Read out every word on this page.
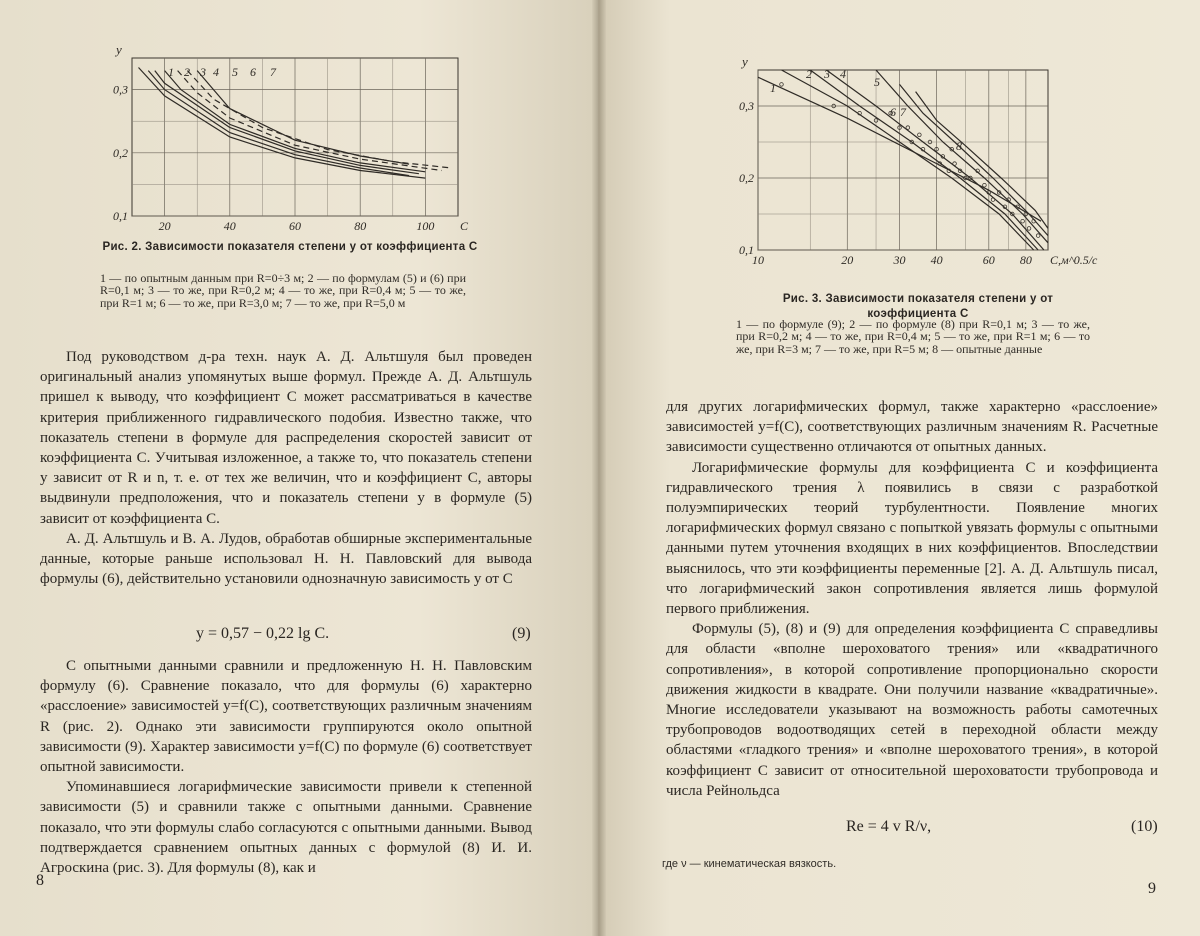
20	40	60	80	100
0,1
0,2
0,3
y
C
1 2 3 4 5 6 7
Рис. 2. Зависимости показателя степени y от коэффициента C
1 — по опытным данным при R=0÷3 м; 2 — по формулам (5) и (6) при R=0,1 м; 3 — то же, при R=0,2 м; 4 — то же, при R=0,4 м; 5 — то же, при R=1 м; 6 — то же, при R=3,0 м; 7 — то же, при R=5,0 м

Под руководством д-ра техн. наук А. Д. Альтшуля был проведен оригинальный анализ упомянутых выше формул. Прежде А. Д. Альтшуль пришел к выводу, что коэффициент C может рассматриваться в качестве критерия приближенного гидравлического подобия. Известно также, что показатель степени в формуле для распределения скоростей зависит от коэффициента C. Учитывая изложенное, а также то, что показатель степени y зависит от R и n, т. е. от тех же величин, что и коэффициент C, авторы выдвинули предположения, что и показатель степени y в формуле (5) зависит от коэффициента C.

А. Д. Альтшуль и В. А. Лудов, обработав обширные экспериментальные данные, которые раньше использовал Н. Н. Павловский для вывода формулы (6), действительно установили однозначную зависимость y от C

y = 0,57 − 0,22 lg C.	(9)

С опытными данными сравнили и предложенную Н. Н. Павловским формулу (6). Сравнение показало, что для формулы (6) характерно «расслоение» зависимостей y=f(C), соответствующих различным значениям R (рис. 2). Однако эти зависимости группируются около опытной зависимости (9). Характер зависимости y=f(C) по формуле (6) соответствует опытной зависимости.

Упоминавшиеся логарифмические зависимости привели к степенной зависимости (5) и сравнили также с опытными данными. Сравнение показало, что эти формулы слабо согласуются с опытными данными. Вывод подтверждается сравнением опытных данных с формулой (8) И. И. Агроскина (рис. 3). Для формулы (8), как и

8
10	20	30 40	60 80
0,1
0,2
0,3
y
C,м^0.5/с
1
2 3 4
5
6 7
8
Рис. 3. Зависимости показателя степени y от коэффициента C
1 — по формуле (9); 2 — по формуле (8) при R=0,1 м; 3 — то же, при R=0,2 м; 4 — то же, при R=0,4 м; 5 — то же, при R=1 м; 6 — то же, при R=3 м; 7 — то же, при R=5 м; 8 — опытные данные

для других логарифмических формул, также характерно «расслоение» зависимостей y=f(C), соответствующих различным значениям R. Расчетные зависимости существенно отличаются от опытных данных.

Логарифмические формулы для коэффициента C и коэффициента гидравлического трения λ появились в связи с разработкой полуэмпирических теорий турбулентности. Появление многих логарифмических формул связано с попыткой увязать формулы с опытными данными путем уточнения входящих в них коэффициентов. Впоследствии выяснилось, что эти коэффициенты переменные [2]. А. Д. Альтшуль писал, что логарифмический закон сопротивления является лишь формулой первого приближения.

Формулы (5), (8) и (9) для определения коэффициента C справедливы для области «вполне шероховатого трения» или «квадратичного сопротивления», в которой сопротивление пропорционально скорости движения жидкости в квадрате. Они получили название «квадратичные». Многие исследователи указывают на возможность работы самотечных трубопроводов водоотводящих сетей в переходной области между областями «гладкого трения» и «вполне шероховатого трения», в которой коэффициент C зависит от относительной шероховатости трубопровода и числа Рейнольдса

Re = 4 v R/ν,	(10)
где ν — кинематическая вязкость.
9
